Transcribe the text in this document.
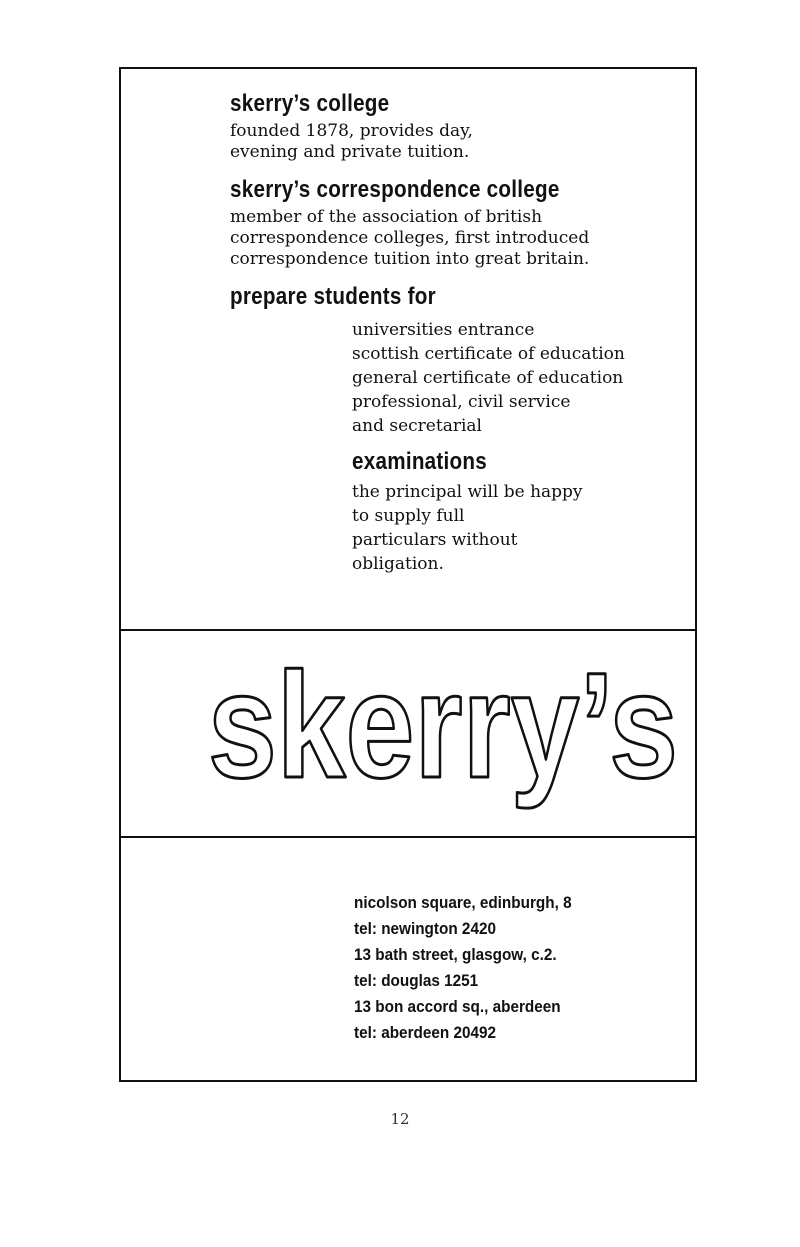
skerry’s college

founded 1878, provides day,
evening and private tuition.

skerry’s correspondence college

member of the association of british
correspondence colleges, first introduced
correspondence tuition into great britain.

prepare students for

universities entrance
scottish certificate of education
general certificate of education
professional, civil service
and secretarial

examinations

the principal will be happy
to supply full
particulars without
obligation.

skerry’s
nicolson square, edinburgh, 8
tel: newington 2420
13 bath street, glasgow, c.2.
tel: douglas 1251
13 bon accord sq., aberdeen
tel: aberdeen 20492
12
